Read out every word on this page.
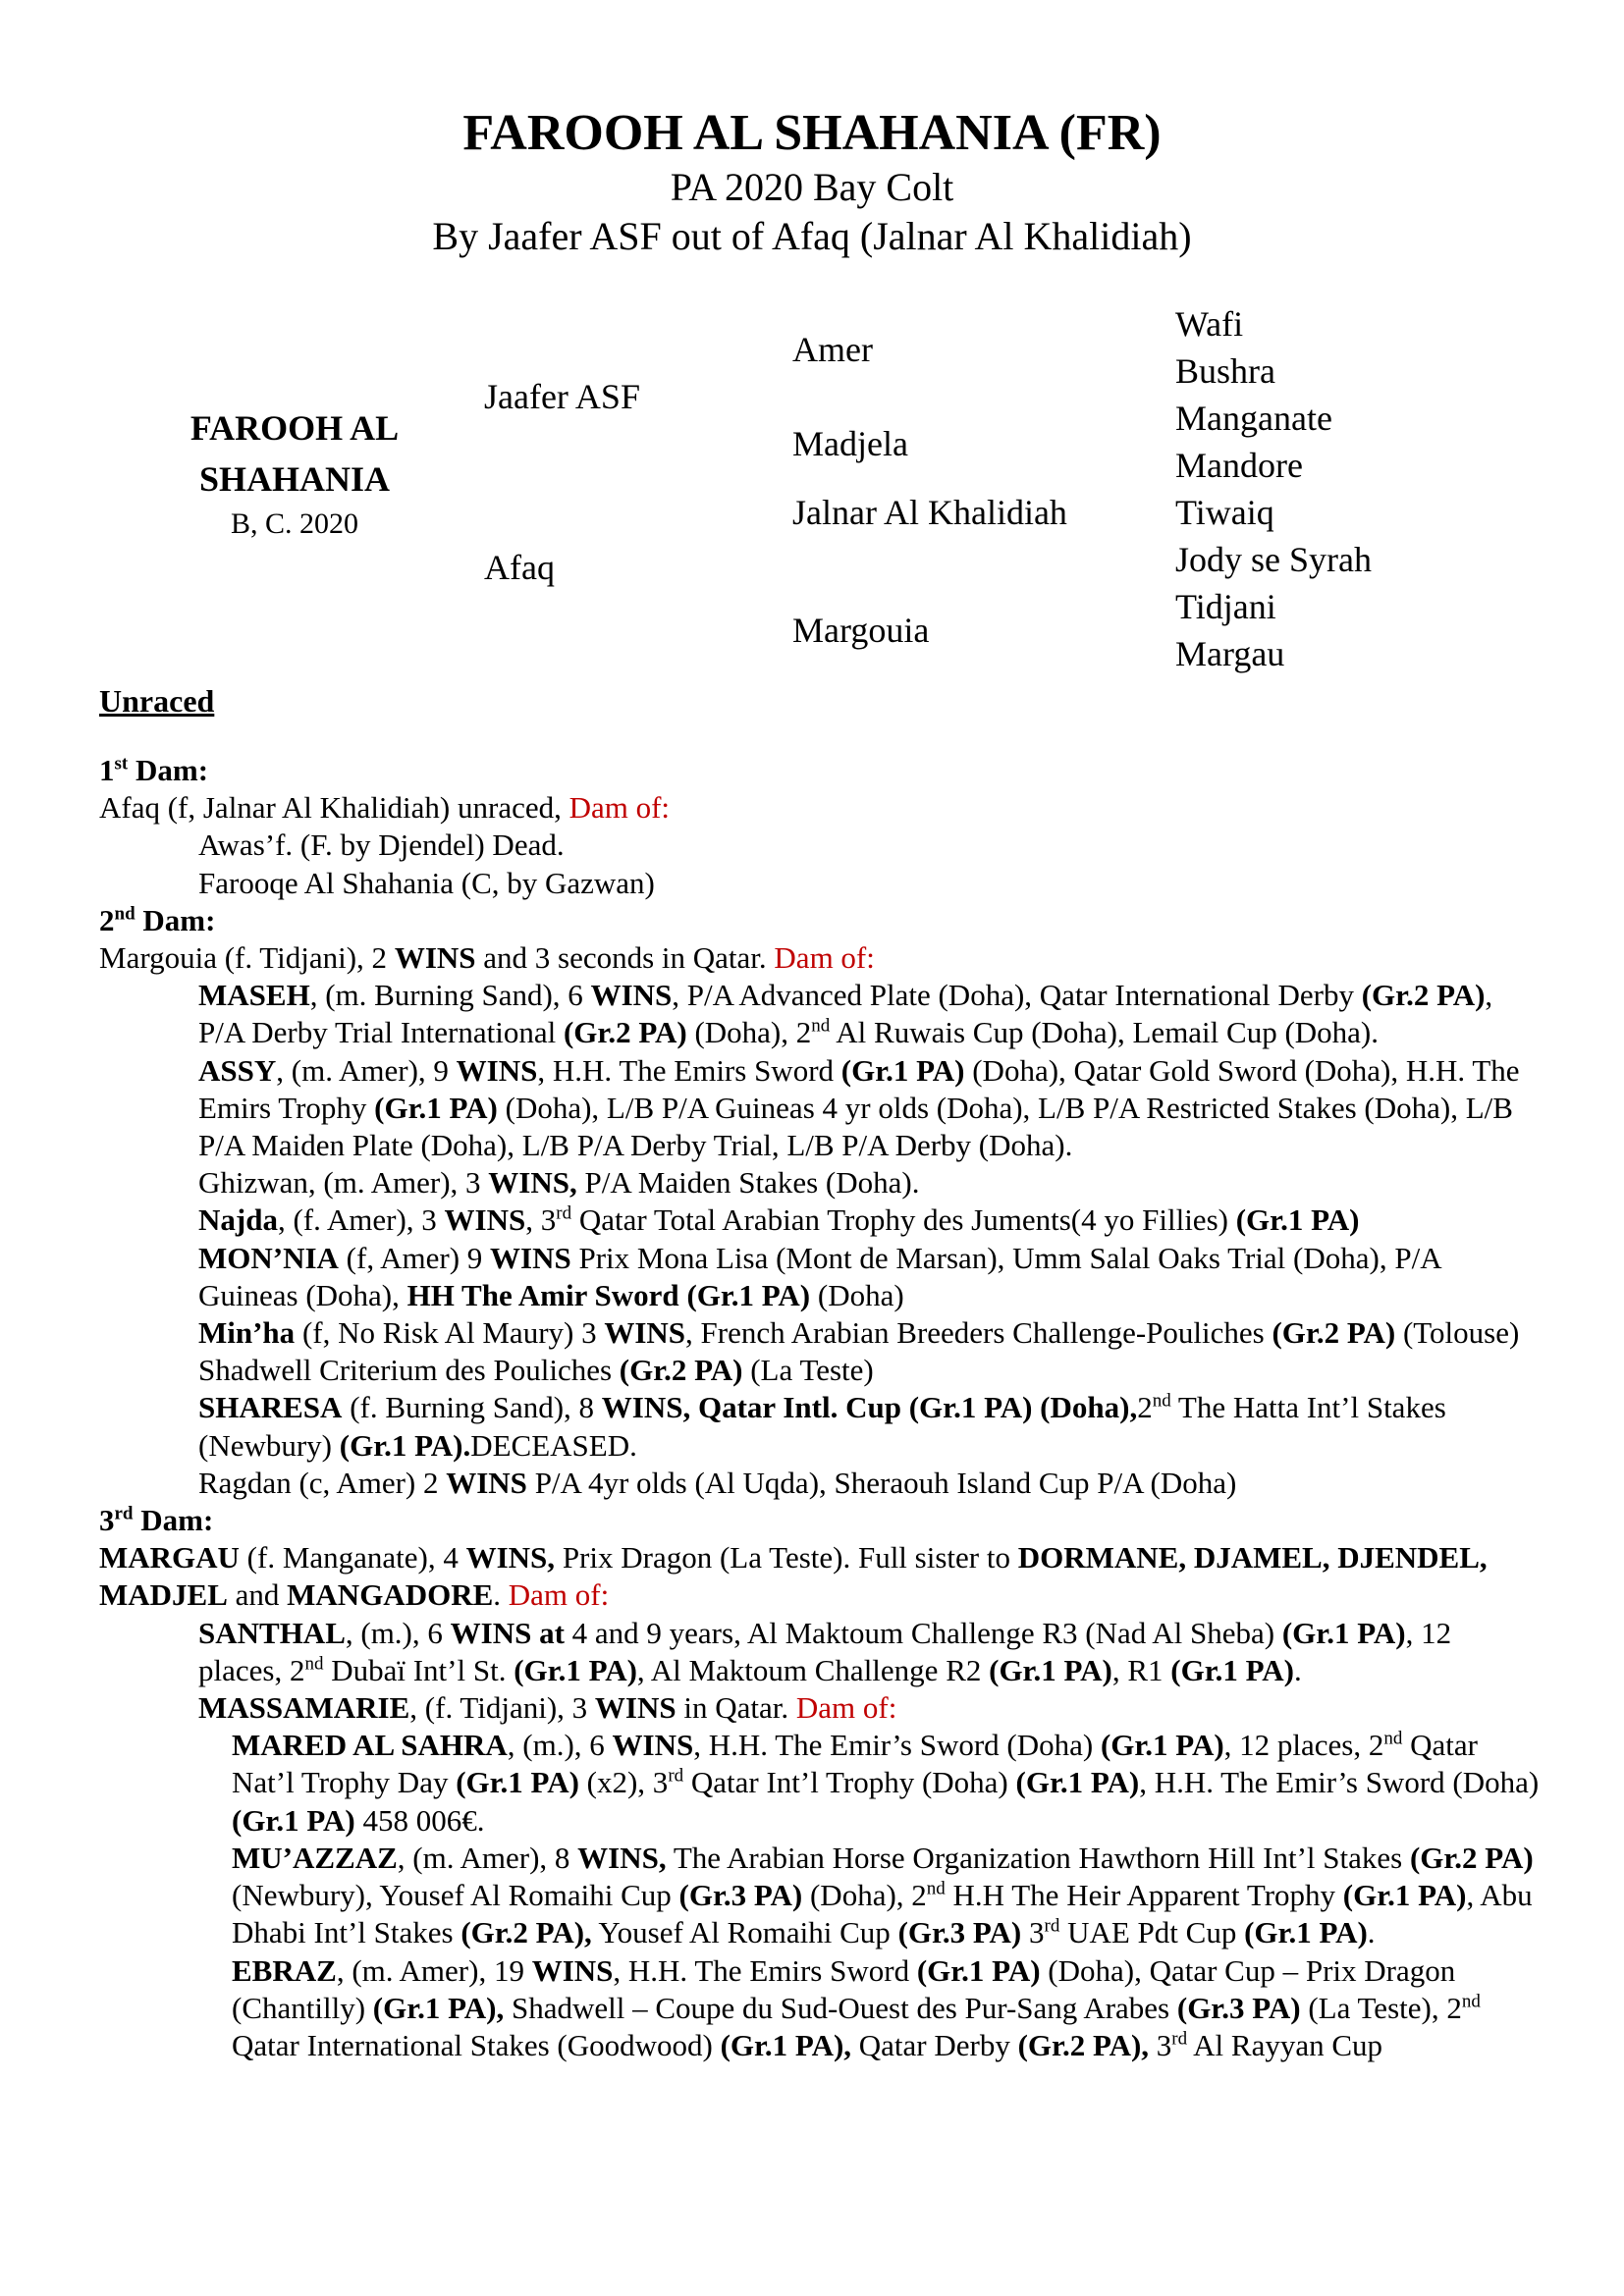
FAROOH AL SHAHANIA (FR)
PA 2020 Bay Colt
By Jaafer ASF out of Afaq (Jalnar Al Khalidiah)
FAROOH AL
SHAHANIA
B, C. 2020
Jaafer ASF
Afaq
Amer
Madjela
Jalnar Al Khalidiah
Margouia
Wafi
Bushra
Manganate
Mandore
Tiwaiq
Jody se Syrah
Tidjani
Margau
Unraced

1st Dam:

Afaq (f, Jalnar Al Khalidiah) unraced, Dam of:

Awas’f. (F. by Djendel) Dead.

Farooqe Al Shahania (C, by Gazwan)

2nd Dam:

Margouia (f. Tidjani), 2 WINS and 3 seconds in Qatar. Dam of:

MASEH, (m. Burning Sand), 6 WINS, P/A Advanced Plate (Doha), Qatar International Derby (Gr.2 PA), P/A Derby Trial International (Gr.2 PA) (Doha), 2nd Al Ruwais Cup (Doha), Lemail Cup (Doha).

ASSY, (m. Amer), 9 WINS, H.H. The Emirs Sword (Gr.1 PA) (Doha), Qatar Gold Sword (Doha), H.H. The Emirs Trophy (Gr.1 PA) (Doha), L/B P/A Guineas 4 yr olds (Doha), L/B P/A Restricted Stakes (Doha), L/B P/A Maiden Plate (Doha), L/B P/A Derby Trial, L/B P/A Derby (Doha).

Ghizwan, (m. Amer), 3 WINS, P/A Maiden Stakes (Doha).

Najda, (f. Amer), 3 WINS, 3rd Qatar Total Arabian Trophy des Juments(4 yo Fillies) (Gr.1 PA)

MON’NIA (f, Amer) 9 WINS Prix Mona Lisa (Mont de Marsan), Umm Salal Oaks Trial (Doha), P/A Guineas (Doha), HH The Amir Sword (Gr.1 PA) (Doha)

Min’ha (f, No Risk Al Maury) 3 WINS, French Arabian Breeders Challenge-Pouliches (Gr.2 PA) (Tolouse) Shadwell Criterium des Pouliches (Gr.2 PA) (La Teste)

SHARESA (f. Burning Sand), 8 WINS, Qatar Intl. Cup (Gr.1 PA) (Doha),2nd The Hatta Int’l Stakes (Newbury) (Gr.1 PA).DECEASED.

Ragdan (c, Amer) 2 WINS P/A 4yr olds (Al Uqda), Sheraouh Island Cup P/A (Doha)

3rd Dam:

MARGAU (f. Manganate), 4 WINS, Prix Dragon (La Teste). Full sister to DORMANE, DJAMEL, DJENDEL, MADJEL and MANGADORE. Dam of:

SANTHAL, (m.), 6 WINS at 4 and 9 years, Al Maktoum Challenge R3 (Nad Al Sheba) (Gr.1 PA), 12 places, 2nd Dubaï Int’l St. (Gr.1 PA), Al Maktoum Challenge R2 (Gr.1 PA), R1 (Gr.1 PA).

MASSAMARIE, (f. Tidjani), 3 WINS in Qatar. Dam of:

MARED AL SAHRA, (m.), 6 WINS, H.H. The Emir’s Sword (Doha) (Gr.1 PA), 12 places, 2nd Qatar Nat’l Trophy Day (Gr.1 PA) (x2), 3rd Qatar Int’l Trophy (Doha) (Gr.1 PA), H.H. The Emir’s Sword (Doha) (Gr.1 PA) 458 006€.

MU’AZZAZ, (m. Amer), 8 WINS, The Arabian Horse Organization Hawthorn Hill Int’l Stakes (Gr.2 PA) (Newbury), Yousef Al Romaihi Cup (Gr.3 PA) (Doha), 2nd H.H The Heir Apparent Trophy (Gr.1 PA), Abu Dhabi Int’l Stakes (Gr.2 PA), Yousef Al Romaihi Cup (Gr.3 PA) 3rd UAE Pdt Cup (Gr.1 PA).

EBRAZ, (m. Amer), 19 WINS, H.H. The Emirs Sword (Gr.1 PA) (Doha), Qatar Cup – Prix Dragon (Chantilly) (Gr.1 PA), Shadwell – Coupe du Sud-Ouest des Pur-Sang Arabes (Gr.3 PA) (La Teste), 2nd Qatar International Stakes (Goodwood) (Gr.1 PA), Qatar Derby (Gr.2 PA), 3rd Al Rayyan Cup
